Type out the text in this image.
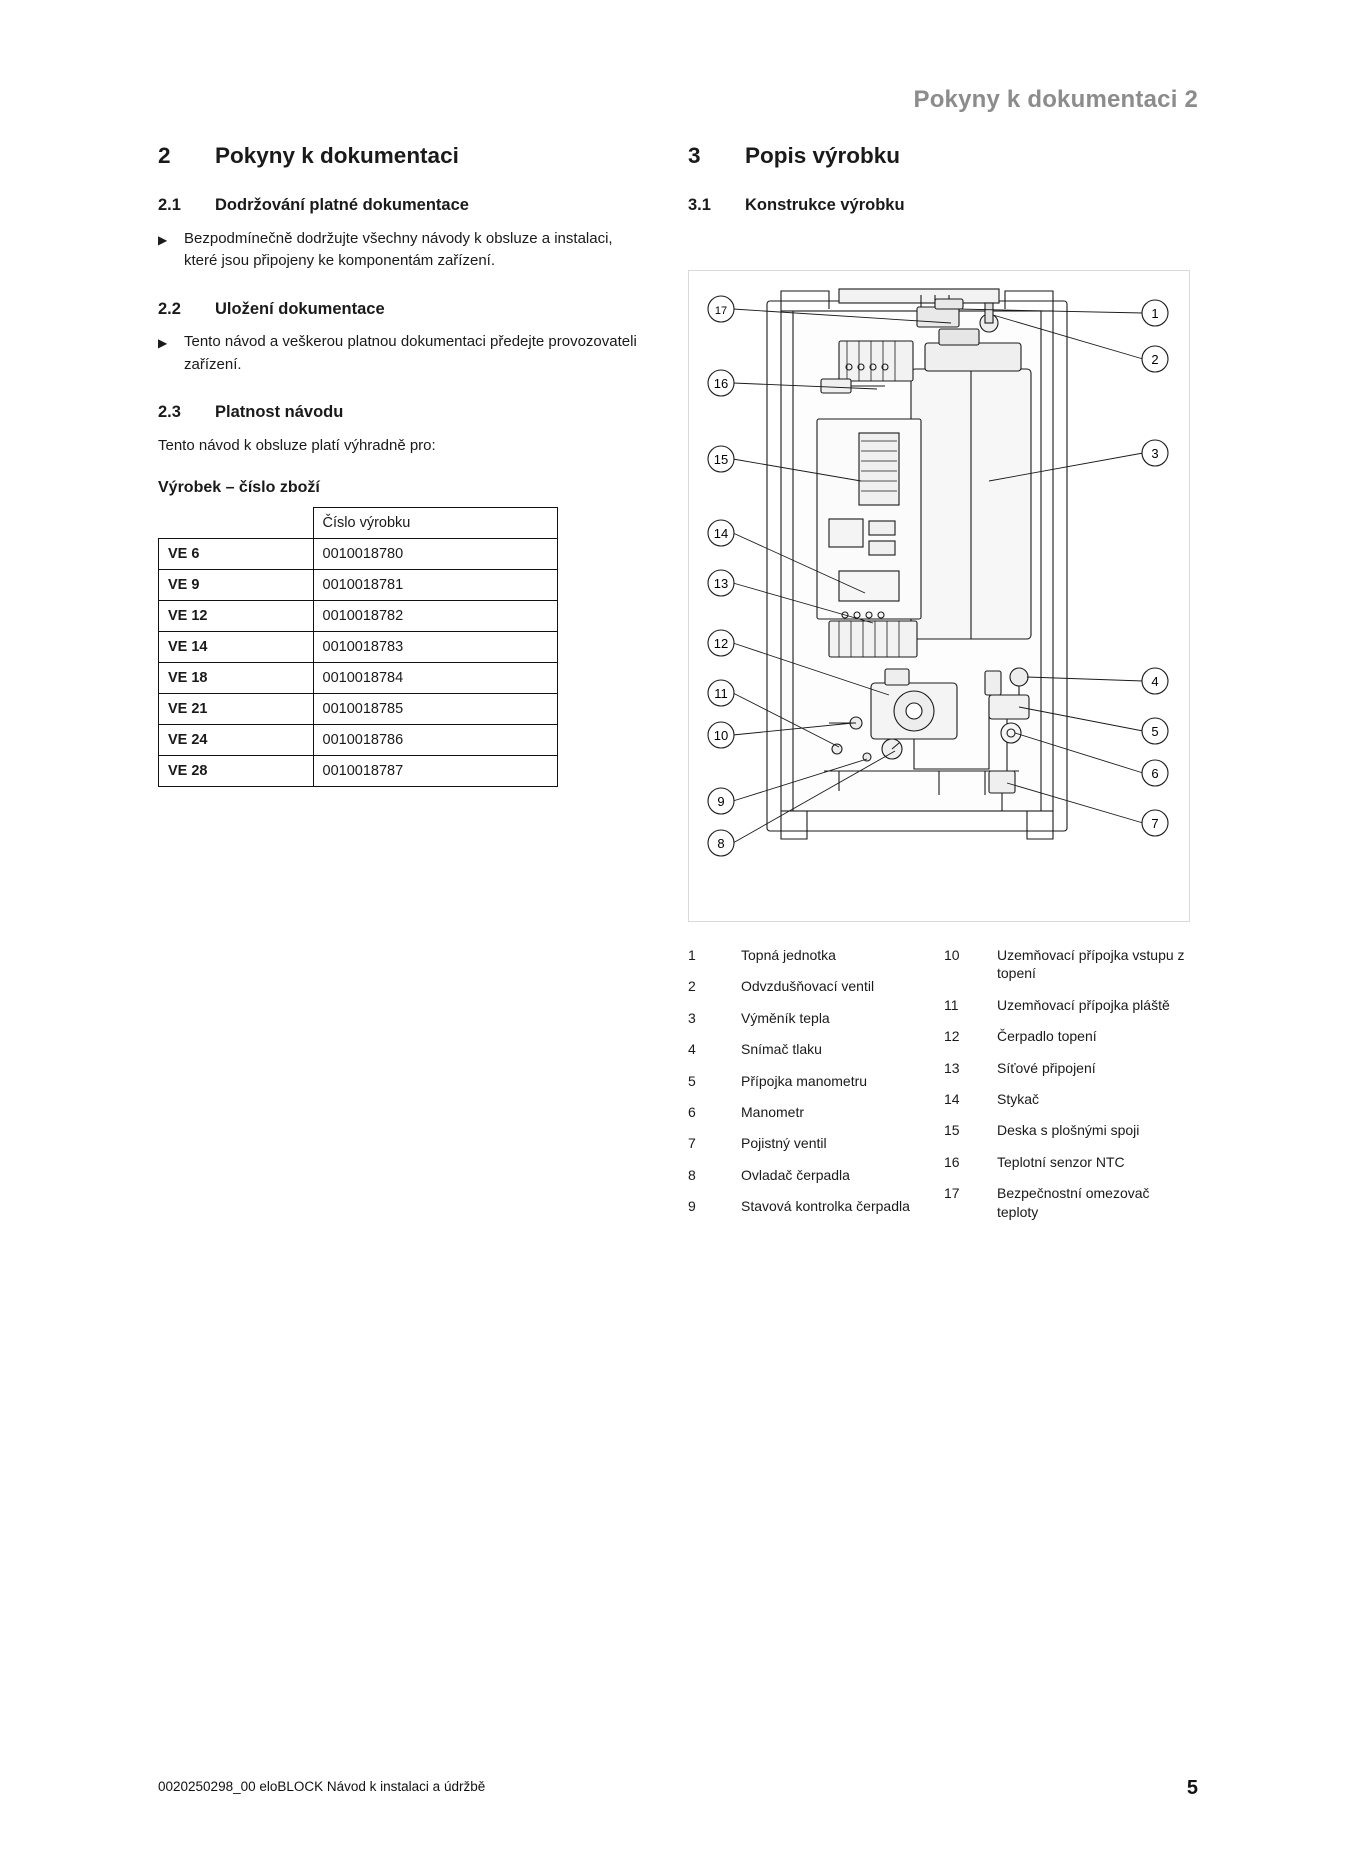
Pokyny k dokumentaci 2
2	Pokyny k dokumentaci
2.1	Dodržování platné dokumentace
▶	Bezpodmínečně dodržujte všechny návody k obsluze a instalaci, které jsou připojeny ke komponentám zařízení.
2.2	Uložení dokumentace
▶	Tento návod a veškerou platnou dokumentaci předejte provozovateli zařízení.
2.3	Platnost návodu

Tento návod k obsluze platí výhradně pro:

Výrobek – číslo zboží
	Číslo výrobku
VE 6	0010018780
VE 9	0010018781
VE 12	0010018782
VE 14	0010018783
VE 18	0010018784
VE 21	0010018785
VE 24	0010018786
VE 28	0010018787
3	Popis výrobku
3.1	Konstrukce výrobku
17
16
15
14
13
12
11
10
9
8
1
2
3
4
5
6
7
1	Topná jednotka
2	Odvzdušňovací ventil
3	Výměník tepla
4	Snímač tlaku
5	Přípojka manometru
6	Manometr
7	Pojistný ventil
8	Ovladač čerpadla
9	Stavová kontrolka čerpadla
10	Uzemňovací přípojka vstupu z topení
11	Uzemňovací přípojka pláště
12	Čerpadlo topení
13	Síťové připojení
14	Stykač
15	Deska s plošnými spoji
16	Teplotní senzor NTC
17	Bezpečnostní omezovač teploty
0020250298_00 eloBLOCK Návod k instalaci a údržbě	5
